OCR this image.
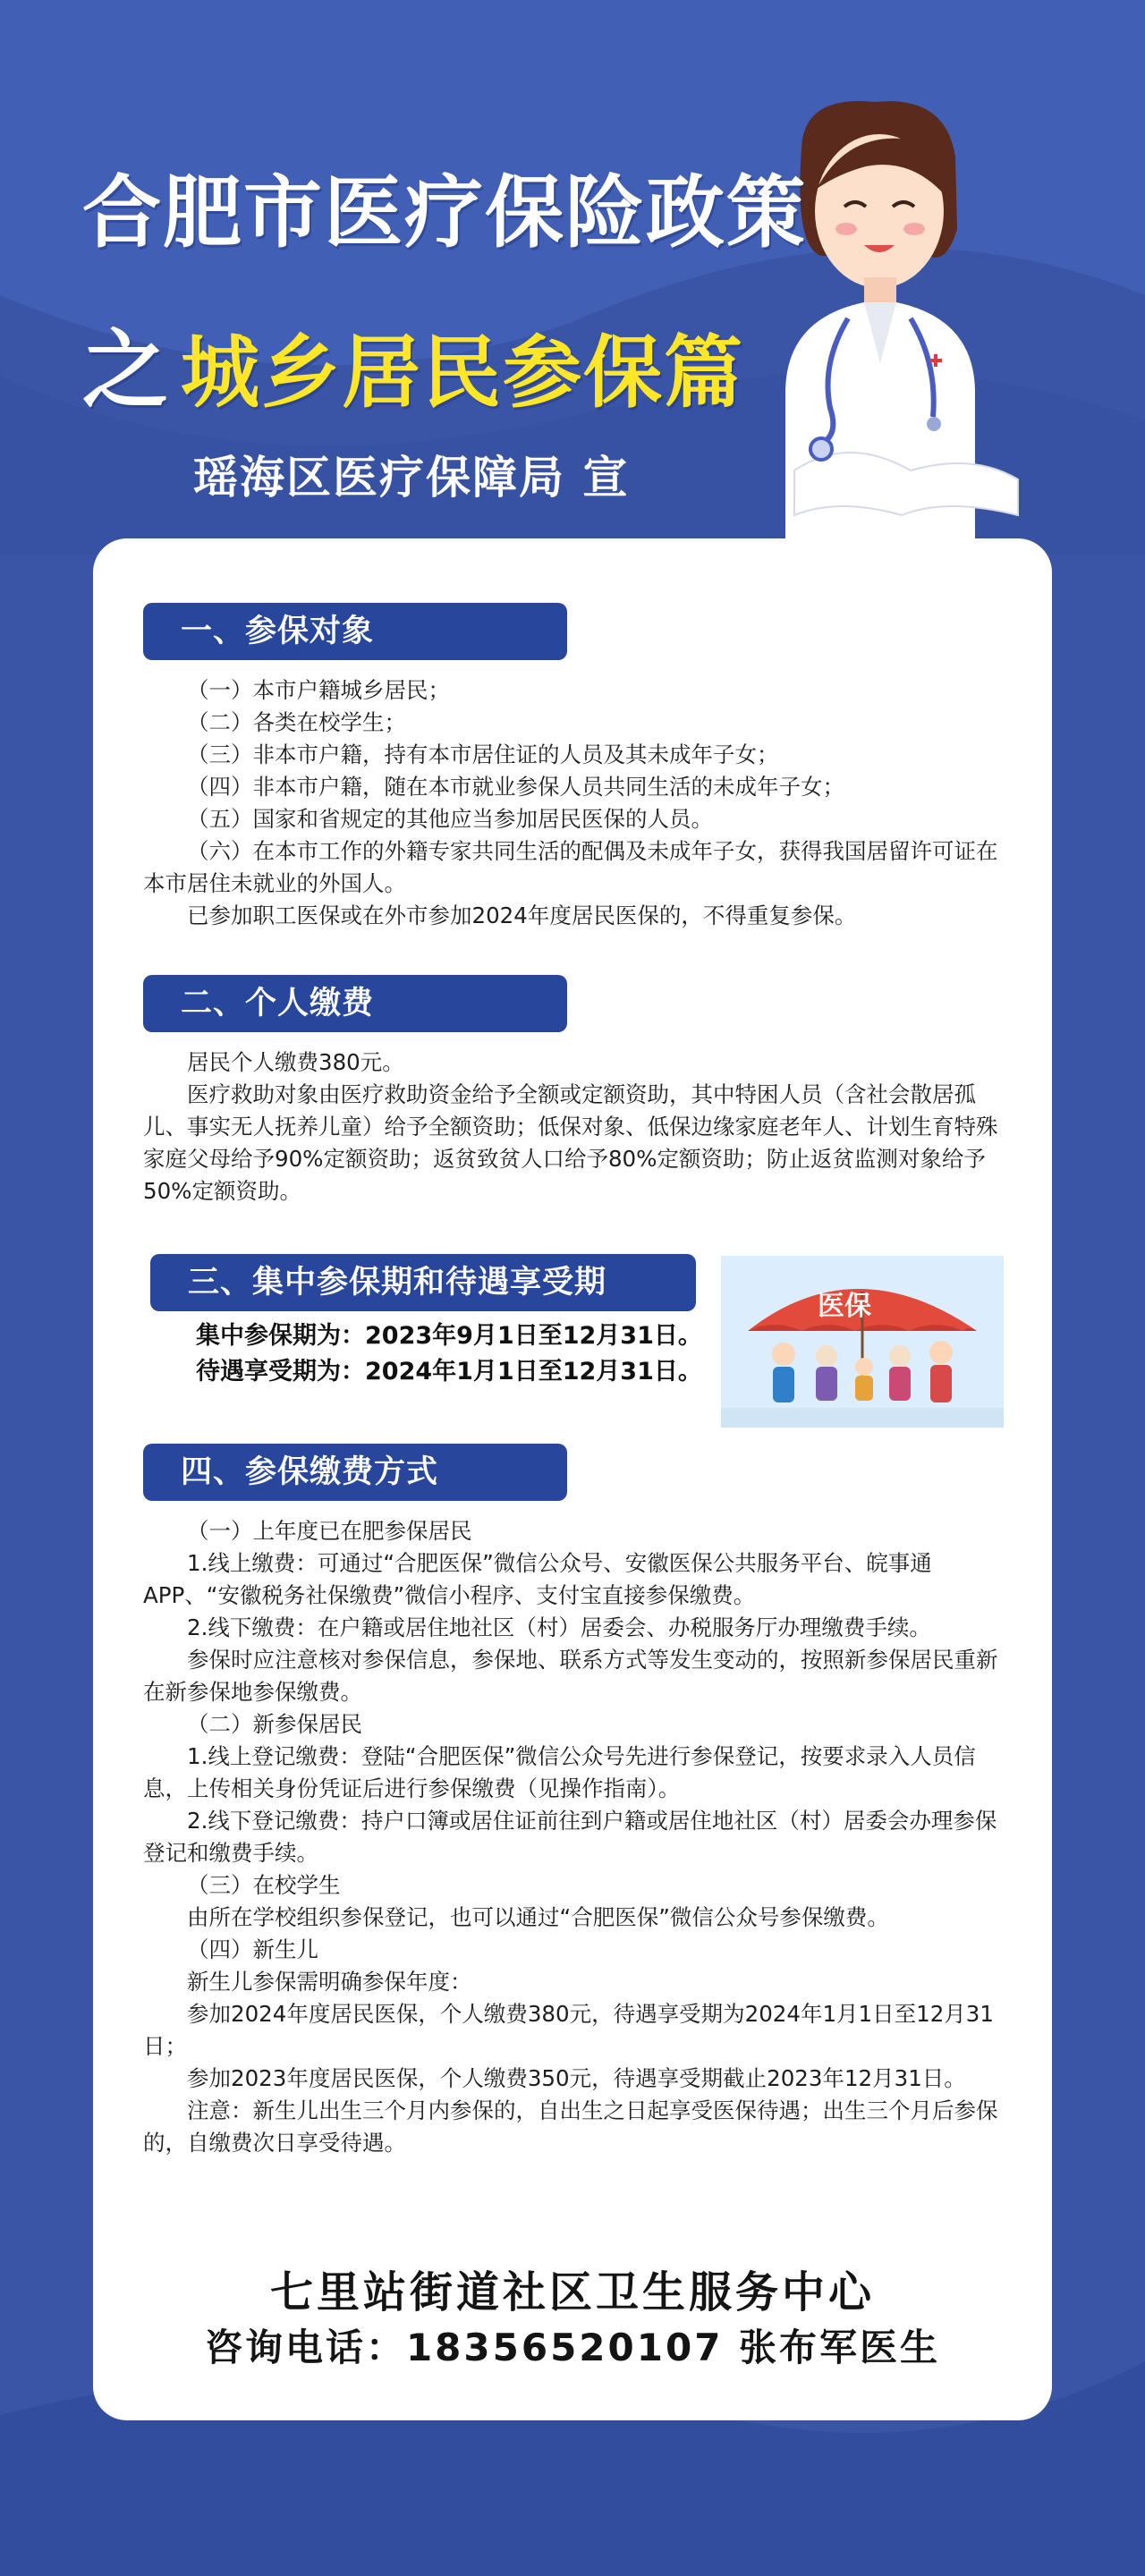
合肥市医疗保险政策
之 城乡居民参保篇
瑶海区医疗保障局 宣
一、参保对象

（一）本市户籍城乡居民；

（二）各类在校学生；

（三）非本市户籍，持有本市居住证的人员及其未成年子女；

（四）非本市户籍，随在本市就业参保人员共同生活的未成年子女；

（五）国家和省规定的其他应当参加居民医保的人员。

（六）在本市工作的外籍专家共同生活的配偶及未成年子女，获得我国居留许可证在本市居住未就业的外国人。

已参加职工医保或在外市参加2024年度居民医保的，不得重复参保。

二、个人缴费

居民个人缴费380元。

医疗救助对象由医疗救助资金给予全额或定额资助，其中特困人员（含社会散居孤儿、事实无人抚养儿童）给予全额资助；低保对象、低保边缘家庭老年人、计划生育特殊家庭父母给予90%定额资助；返贫致贫人口给予80%定额资助；防止返贫监测对象给予50%定额资助。

三、集中参保期和待遇享受期

集中参保期为：2023年9月1日至12月31日。

待遇享受期为：2024年1月1日至12月31日。

医保
四、参保缴费方式

（一）上年度已在肥参保居民

1.线上缴费：可通过“合肥医保”微信公众号、安徽医保公共服务平台、皖事通APP、“安徽税务社保缴费”微信小程序、支付宝直接参保缴费。

2.线下缴费：在户籍或居住地社区（村）居委会、办税服务厅办理缴费手续。

参保时应注意核对参保信息，参保地、联系方式等发生变动的，按照新参保居民重新在新参保地参保缴费。

（二）新参保居民

1.线上登记缴费：登陆“合肥医保”微信公众号先进行参保登记，按要求录入人员信息，上传相关身份凭证后进行参保缴费（见操作指南）。

2.线下登记缴费：持户口簿或居住证前往到户籍或居住地社区（村）居委会办理参保登记和缴费手续。

（三）在校学生

由所在学校组织参保登记，也可以通过“合肥医保”微信公众号参保缴费。

（四）新生儿

新生儿参保需明确参保年度：

参加2024年度居民医保，个人缴费380元，待遇享受期为2024年1月1日至12月31日；

参加2023年度居民医保，个人缴费350元，待遇享受期截止2023年12月31日。

注意：新生儿出生三个月内参保的，自出生之日起享受医保待遇；出生三个月后参保的，自缴费次日享受待遇。

七里站街道社区卫生服务中心
咨询电话：18356520107 张布军医生
